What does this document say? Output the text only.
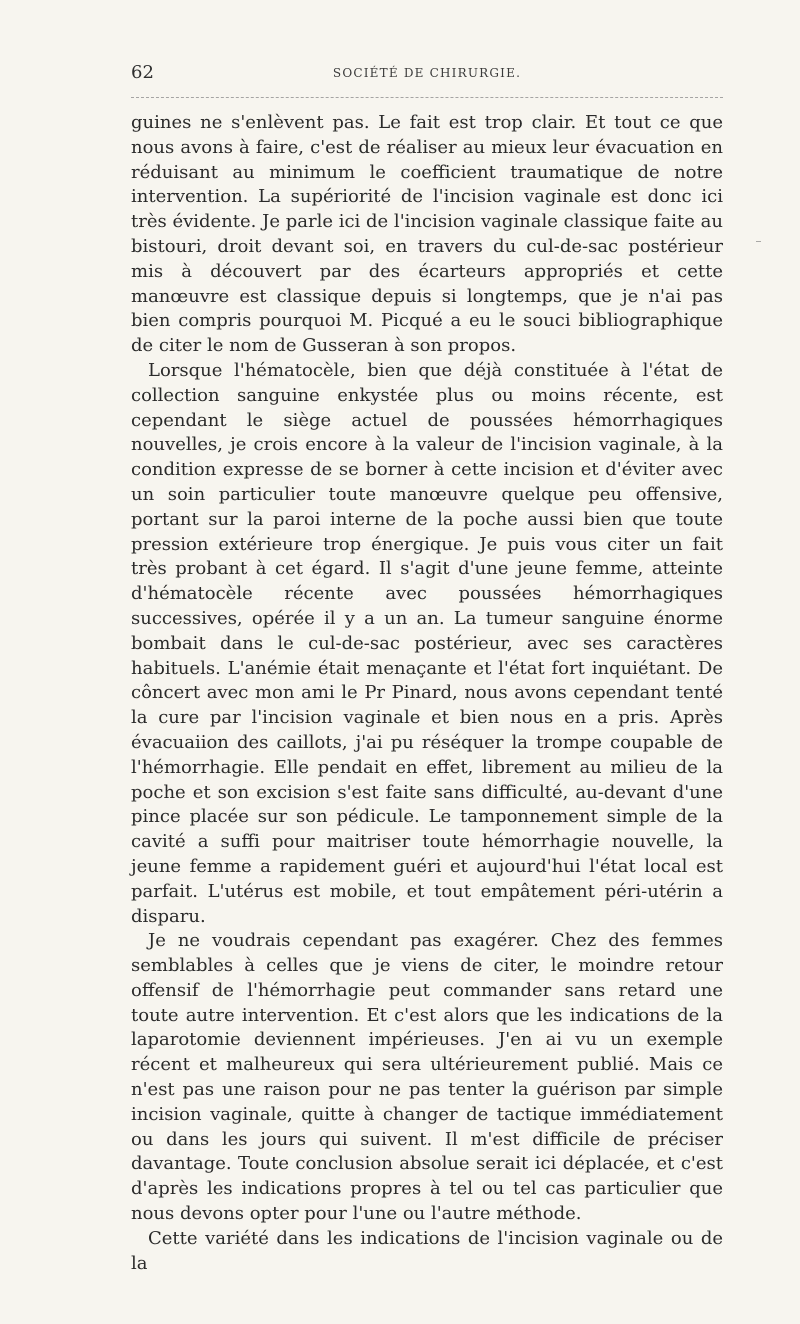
62	SOCIÉTÉ DE CHIRURGIE.

guines ne s'enlèvent pas. Le fait est trop clair. Et tout ce que nous avons à faire, c'est de réaliser au mieux leur évacuation en réduisant au minimum le coefficient traumatique de notre intervention. La supériorité de l'incision vaginale est donc ici très évidente. Je parle ici de l'incision vaginale classique faite au bistouri, droit devant soi, en travers du cul-de-sac postérieur mis à découvert par des écarteurs appropriés et cette manœuvre est classique depuis si longtemps, que je n'ai pas bien compris pourquoi M. Picqué a eu le souci bibliographique de citer le nom de Gusseran à son propos.

Lorsque l'hématocèle, bien que déjà constituée à l'état de collection sanguine enkystée plus ou moins récente, est cependant le siège actuel de poussées hémorrhagiques nouvelles, je crois encore à la valeur de l'incision vaginale, à la condition expresse de se borner à cette incision et d'éviter avec un soin particulier toute manœuvre quelque peu offensive, portant sur la paroi interne de la poche aussi bien que toute pression extérieure trop énergique. Je puis vous citer un fait très probant à cet égard. Il s'agit d'une jeune femme, atteinte d'hématocèle récente avec poussées hémorrhagiques successives, opérée il y a un an. La tumeur sanguine énorme bombait dans le cul-de-sac postérieur, avec ses caractères habituels. L'anémie était menaçante et l'état fort inquiétant. De côncert avec mon ami le Pr Pinard, nous avons cependant tenté la cure par l'incision vaginale et bien nous en a pris. Après évacuaiion des caillots, j'ai pu réséquer la trompe coupable de l'hémorrhagie. Elle pendait en effet, librement au milieu de la poche et son excision s'est faite sans difficulté, au-devant d'une pince placée sur son pédicule. Le tamponnement simple de la cavité a suffi pour maitriser toute hémorrhagie nouvelle, la jeune femme a rapidement guéri et aujourd'hui l'état local est parfait. L'utérus est mobile, et tout empâtement péri-utérin a disparu.

Je ne voudrais cependant pas exagérer. Chez des femmes semblables à celles que je viens de citer, le moindre retour offensif de l'hémorrhagie peut commander sans retard une toute autre intervention. Et c'est alors que les indications de la laparotomie deviennent impérieuses. J'en ai vu un exemple récent et malheureux qui sera ultérieurement publié. Mais ce n'est pas une raison pour ne pas tenter la guérison par simple incision vaginale, quitte à changer de tactique immédiatement ou dans les jours qui suivent. Il m'est difficile de préciser davantage. Toute conclusion absolue serait ici déplacée, et c'est d'après les indications propres à tel ou tel cas particulier que nous devons opter pour l'une ou l'autre méthode.

Cette variété dans les indications de l'incision vaginale ou de la
